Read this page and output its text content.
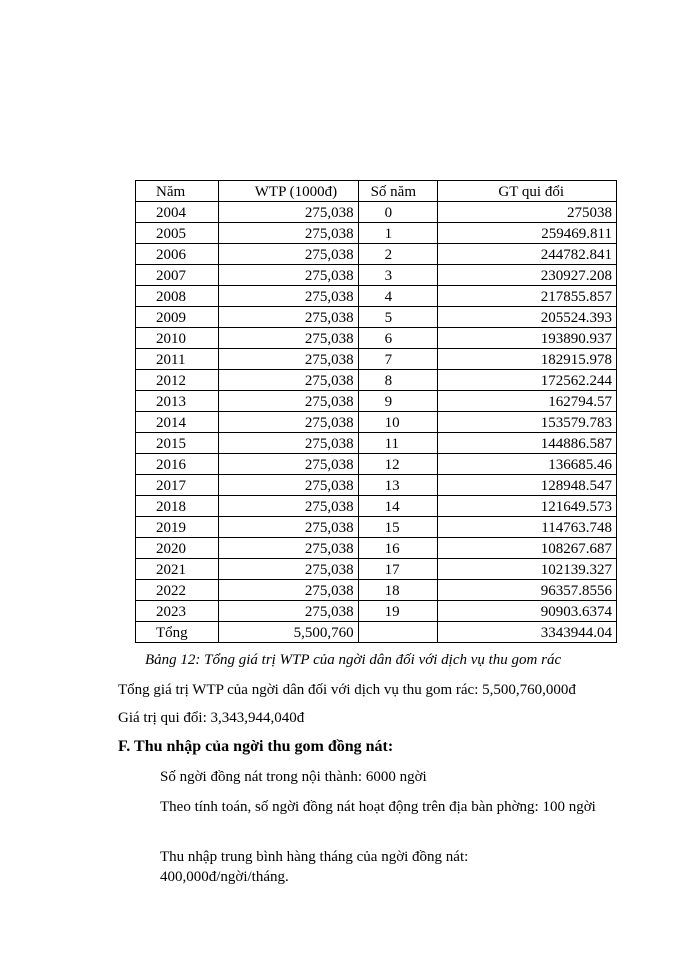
Năm	WTP (1000đ)	Số năm	GT qui đổi
2004	275,038	0	275038
2005	275,038	1	259469.811
2006	275,038	2	244782.841
2007	275,038	3	230927.208
2008	275,038	4	217855.857
2009	275,038	5	205524.393
2010	275,038	6	193890.937
2011	275,038	7	182915.978
2012	275,038	8	172562.244
2013	275,038	9	162794.57
2014	275,038	10	153579.783
2015	275,038	11	144886.587
2016	275,038	12	136685.46
2017	275,038	13	128948.547
2018	275,038	14	121649.573
2019	275,038	15	114763.748
2020	275,038	16	108267.687
2021	275,038	17	102139.327
2022	275,038	18	96357.8556
2023	275,038	19	90903.6374
Tổng	5,500,760		3343944.04
Bảng 12: Tổng giá trị WTP của ngời dân đối với dịch vụ thu gom rác
Tổng giá trị WTP của ngời dân đối với dịch vụ thu gom rác: 5,500,760,000đ
Giá trị qui đổi: 3,343,944,040đ
F. Thu nhập của ngời thu gom đồng nát:
Số ngời đồng nát trong nội thành: 6000 ngời
Theo tính toán, số ngời đồng nát hoạt động trên địa bàn phờng: 100 ngời
Thu nhập trung bình hàng tháng của ngời đồng nát: 400,000đ/ngời/tháng.
